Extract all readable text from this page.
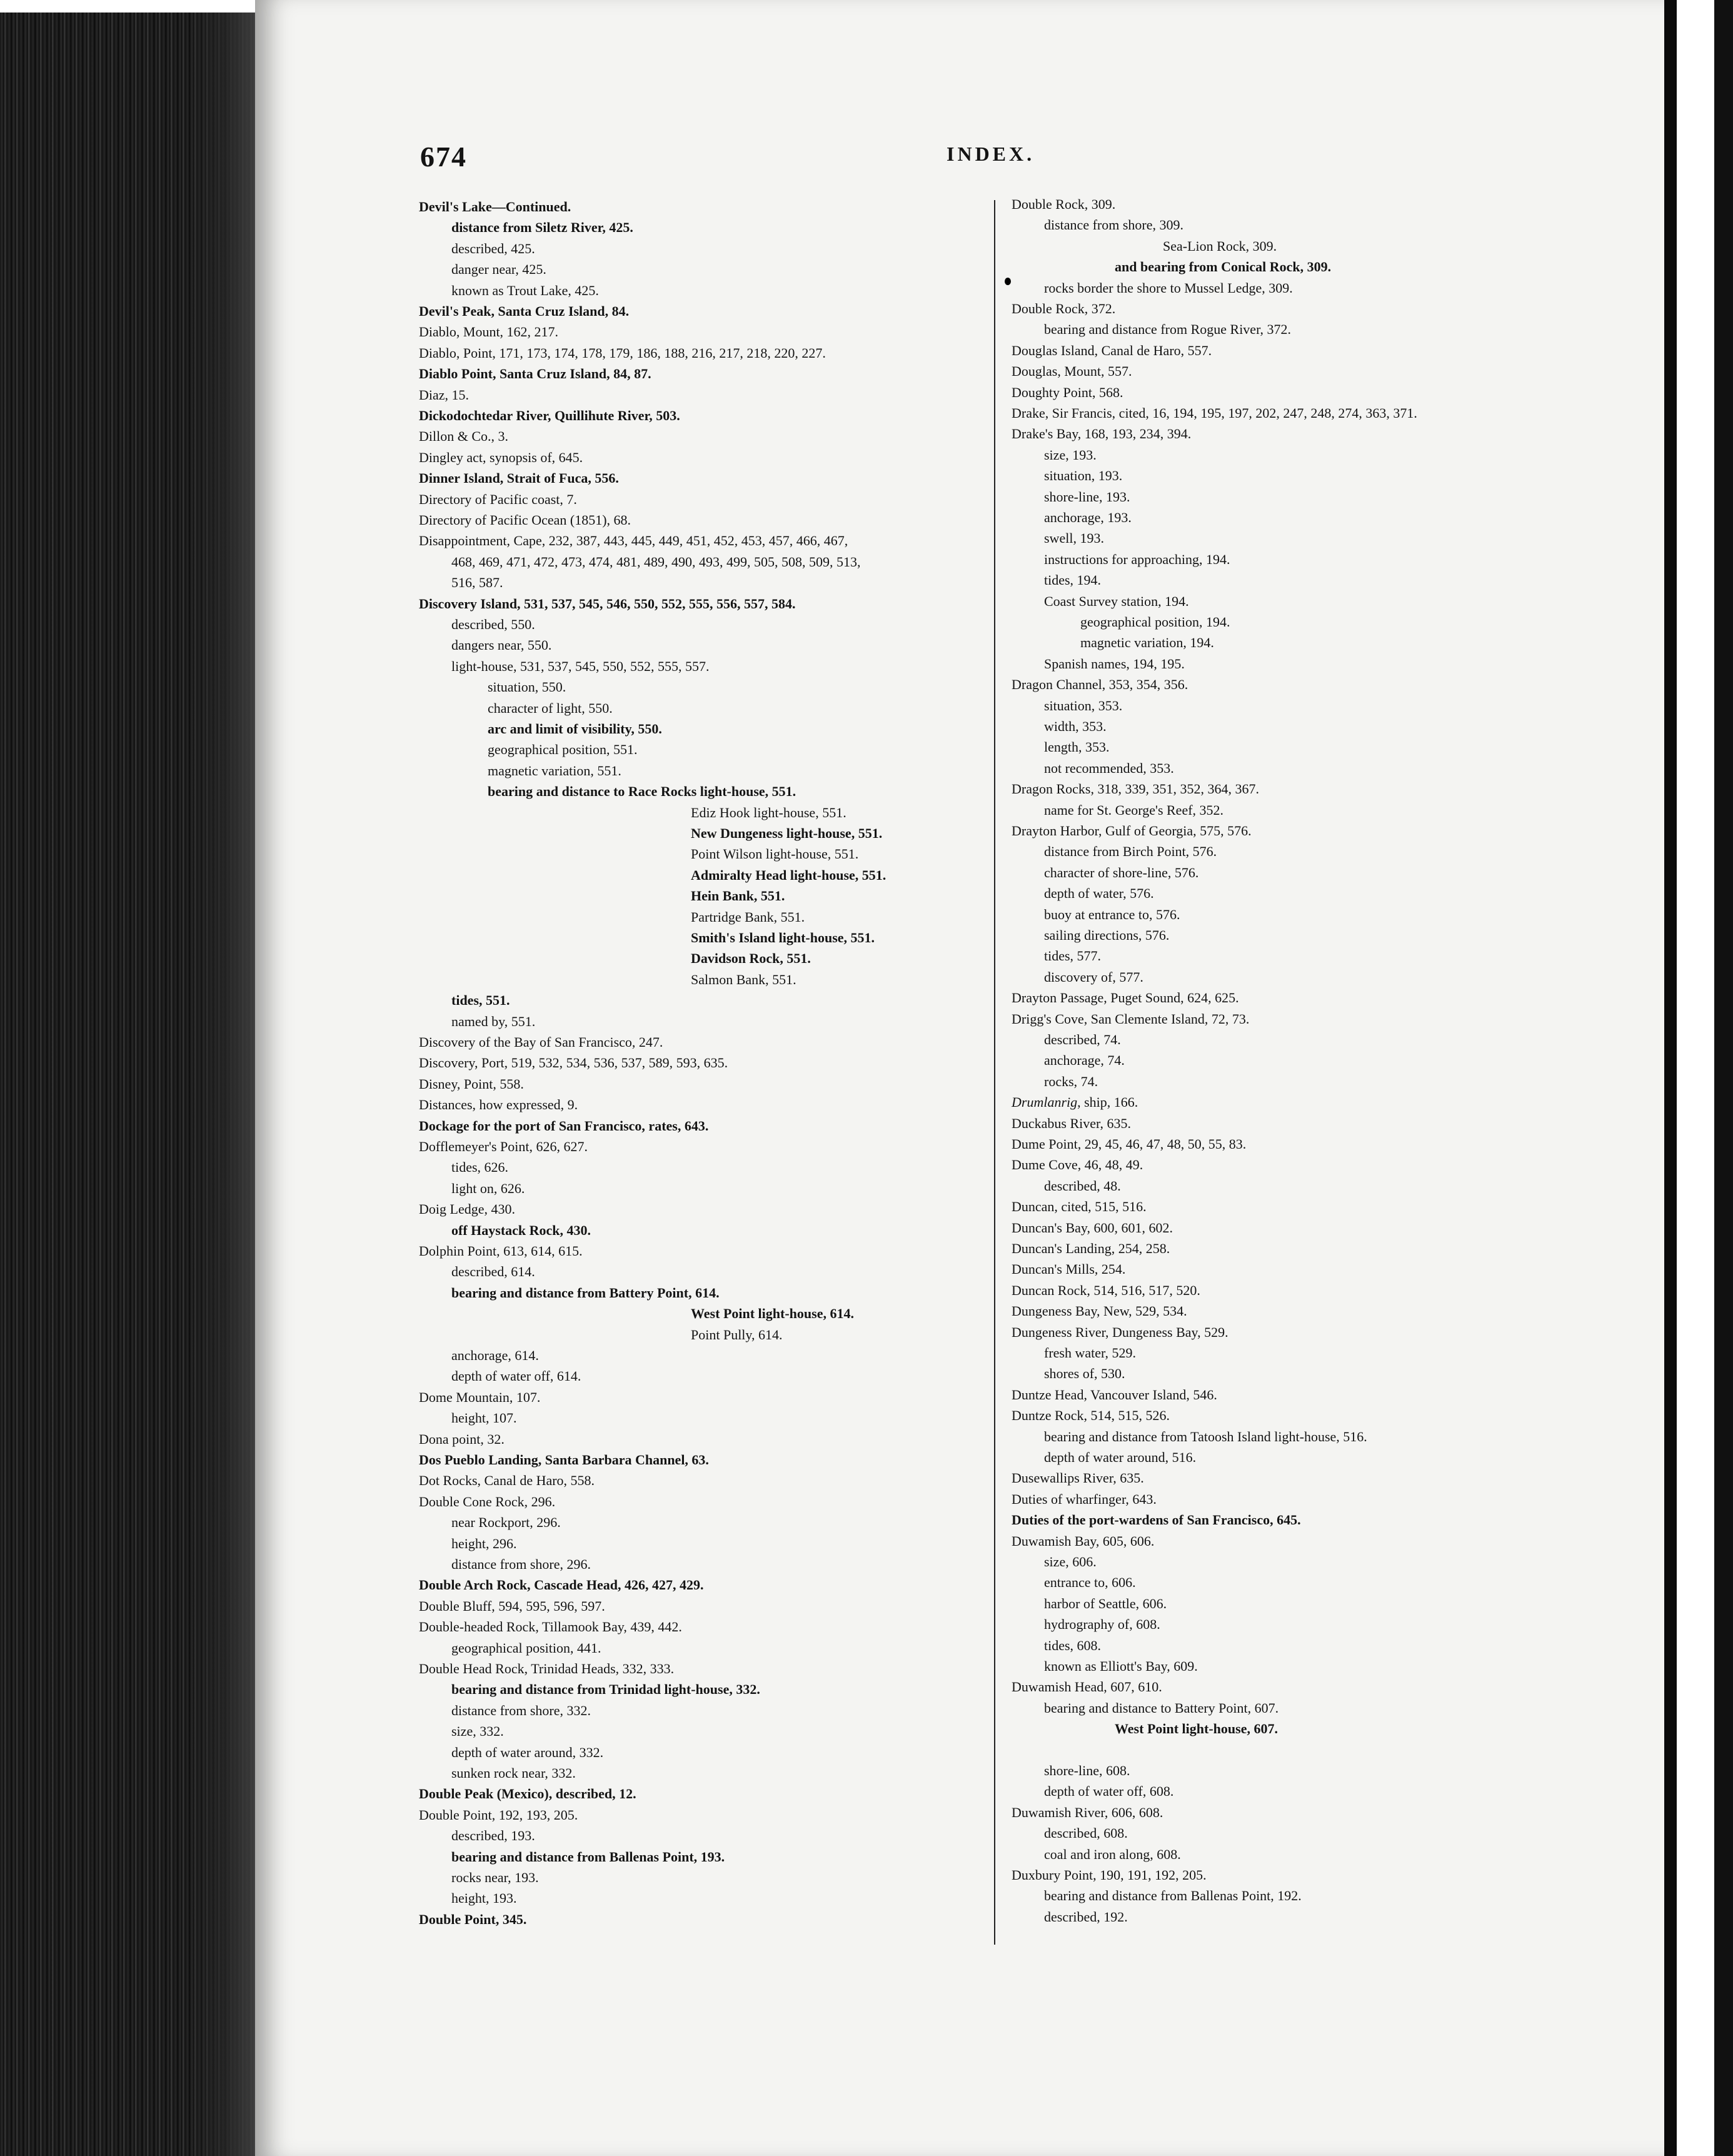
674	INDEX.
Devil's Lake—Continued.
distance from Siletz River, 425.
described, 425.
danger near, 425.
known as Trout Lake, 425.
Devil's Peak, Santa Cruz Island, 84.
Diablo, Mount, 162, 217.
Diablo, Point, 171, 173, 174, 178, 179, 186, 188, 216, 217, 218, 220, 227.
Diablo Point, Santa Cruz Island, 84, 87.
Diaz, 15.
Dickodochtedar River, Quillihute River, 503.
Dillon & Co., 3.
Dingley act, synopsis of, 645.
Dinner Island, Strait of Fuca, 556.
Directory of Pacific coast, 7.
Directory of Pacific Ocean (1851), 68.
Disappointment, Cape, 232, 387, 443, 445, 449, 451, 452, 453, 457, 466, 467,
468, 469, 471, 472, 473, 474, 481, 489, 490, 493, 499, 505, 508, 509, 513,
516, 587.
Discovery Island, 531, 537, 545, 546, 550, 552, 555, 556, 557, 584.
described, 550.
dangers near, 550.
light-house, 531, 537, 545, 550, 552, 555, 557.
situation, 550.
character of light, 550.
arc and limit of visibility, 550.
geographical position, 551.
magnetic variation, 551.
bearing and distance to Race Rocks light-house, 551.
Ediz Hook light-house, 551.
New Dungeness light-house, 551.
Point Wilson light-house, 551.
Admiralty Head light-house, 551.
Hein Bank, 551.
Partridge Bank, 551.
Smith's Island light-house, 551.
Davidson Rock, 551.
Salmon Bank, 551.
tides, 551.
named by, 551.
Discovery of the Bay of San Francisco, 247.
Discovery, Port, 519, 532, 534, 536, 537, 589, 593, 635.
Disney, Point, 558.
Distances, how expressed, 9.
Dockage for the port of San Francisco, rates, 643.
Dofflemeyer's Point, 626, 627.
tides, 626.
light on, 626.
Doig Ledge, 430.
off Haystack Rock, 430.
Dolphin Point, 613, 614, 615.
described, 614.
bearing and distance from Battery Point, 614.
West Point light-house, 614.
Point Pully, 614.
anchorage, 614.
depth of water off, 614.
Dome Mountain, 107.
height, 107.
Dona point, 32.
Dos Pueblo Landing, Santa Barbara Channel, 63.
Dot Rocks, Canal de Haro, 558.
Double Cone Rock, 296.
near Rockport, 296.
height, 296.
distance from shore, 296.
Double Arch Rock, Cascade Head, 426, 427, 429.
Double Bluff, 594, 595, 596, 597.
Double-headed Rock, Tillamook Bay, 439, 442.
geographical position, 441.
Double Head Rock, Trinidad Heads, 332, 333.
bearing and distance from Trinidad light-house, 332.
distance from shore, 332.
size, 332.
depth of water around, 332.
sunken rock near, 332.
Double Peak (Mexico), described, 12.
Double Point, 192, 193, 205.
described, 193.
bearing and distance from Ballenas Point, 193.
rocks near, 193.
height, 193.
Double Point, 345.
Double Rock, 309.
distance from shore, 309.
Sea-Lion Rock, 309.
and bearing from Conical Rock, 309.
rocks border the shore to Mussel Ledge, 309.
Double Rock, 372.
bearing and distance from Rogue River, 372.
Douglas Island, Canal de Haro, 557.
Douglas, Mount, 557.
Doughty Point, 568.
Drake, Sir Francis, cited, 16, 194, 195, 197, 202, 247, 248, 274, 363, 371.
Drake's Bay, 168, 193, 234, 394.
size, 193.
situation, 193.
shore-line, 193.
anchorage, 193.
swell, 193.
instructions for approaching, 194.
tides, 194.
Coast Survey station, 194.
geographical position, 194.
magnetic variation, 194.
Spanish names, 194, 195.
Dragon Channel, 353, 354, 356.
situation, 353.
width, 353.
length, 353.
not recommended, 353.
Dragon Rocks, 318, 339, 351, 352, 364, 367.
name for St. George's Reef, 352.
Drayton Harbor, Gulf of Georgia, 575, 576.
distance from Birch Point, 576.
character of shore-line, 576.
depth of water, 576.
buoy at entrance to, 576.
sailing directions, 576.
tides, 577.
discovery of, 577.
Drayton Passage, Puget Sound, 624, 625.
Drigg's Cove, San Clemente Island, 72, 73.
described, 74.
anchorage, 74.
rocks, 74.
Drumlanrig, ship, 166.
Duckabus River, 635.
Dume Point, 29, 45, 46, 47, 48, 50, 55, 83.
Dume Cove, 46, 48, 49.
described, 48.
Duncan, cited, 515, 516.
Duncan's Bay, 600, 601, 602.
Duncan's Landing, 254, 258.
Duncan's Mills, 254.
Duncan Rock, 514, 516, 517, 520.
Dungeness Bay, New, 529, 534.
Dungeness River, Dungeness Bay, 529.
fresh water, 529.
shores of, 530.
Duntze Head, Vancouver Island, 546.
Duntze Rock, 514, 515, 526.
bearing and distance from Tatoosh Island light-house, 516.
depth of water around, 516.
Dusewallips River, 635.
Duties of wharfinger, 643.
Duties of the port-wardens of San Francisco, 645.
Duwamish Bay, 605, 606.
size, 606.
entrance to, 606.
harbor of Seattle, 606.
hydrography of, 608.
tides, 608.
known as Elliott's Bay, 609.
Duwamish Head, 607, 610.
bearing and distance to Battery Point, 607.
West Point light-house, 607.
shore-line, 608.
depth of water off, 608.
Duwamish River, 606, 608.
described, 608.
coal and iron along, 608.
Duxbury Point, 190, 191, 192, 205.
bearing and distance from Ballenas Point, 192.
described, 192.
